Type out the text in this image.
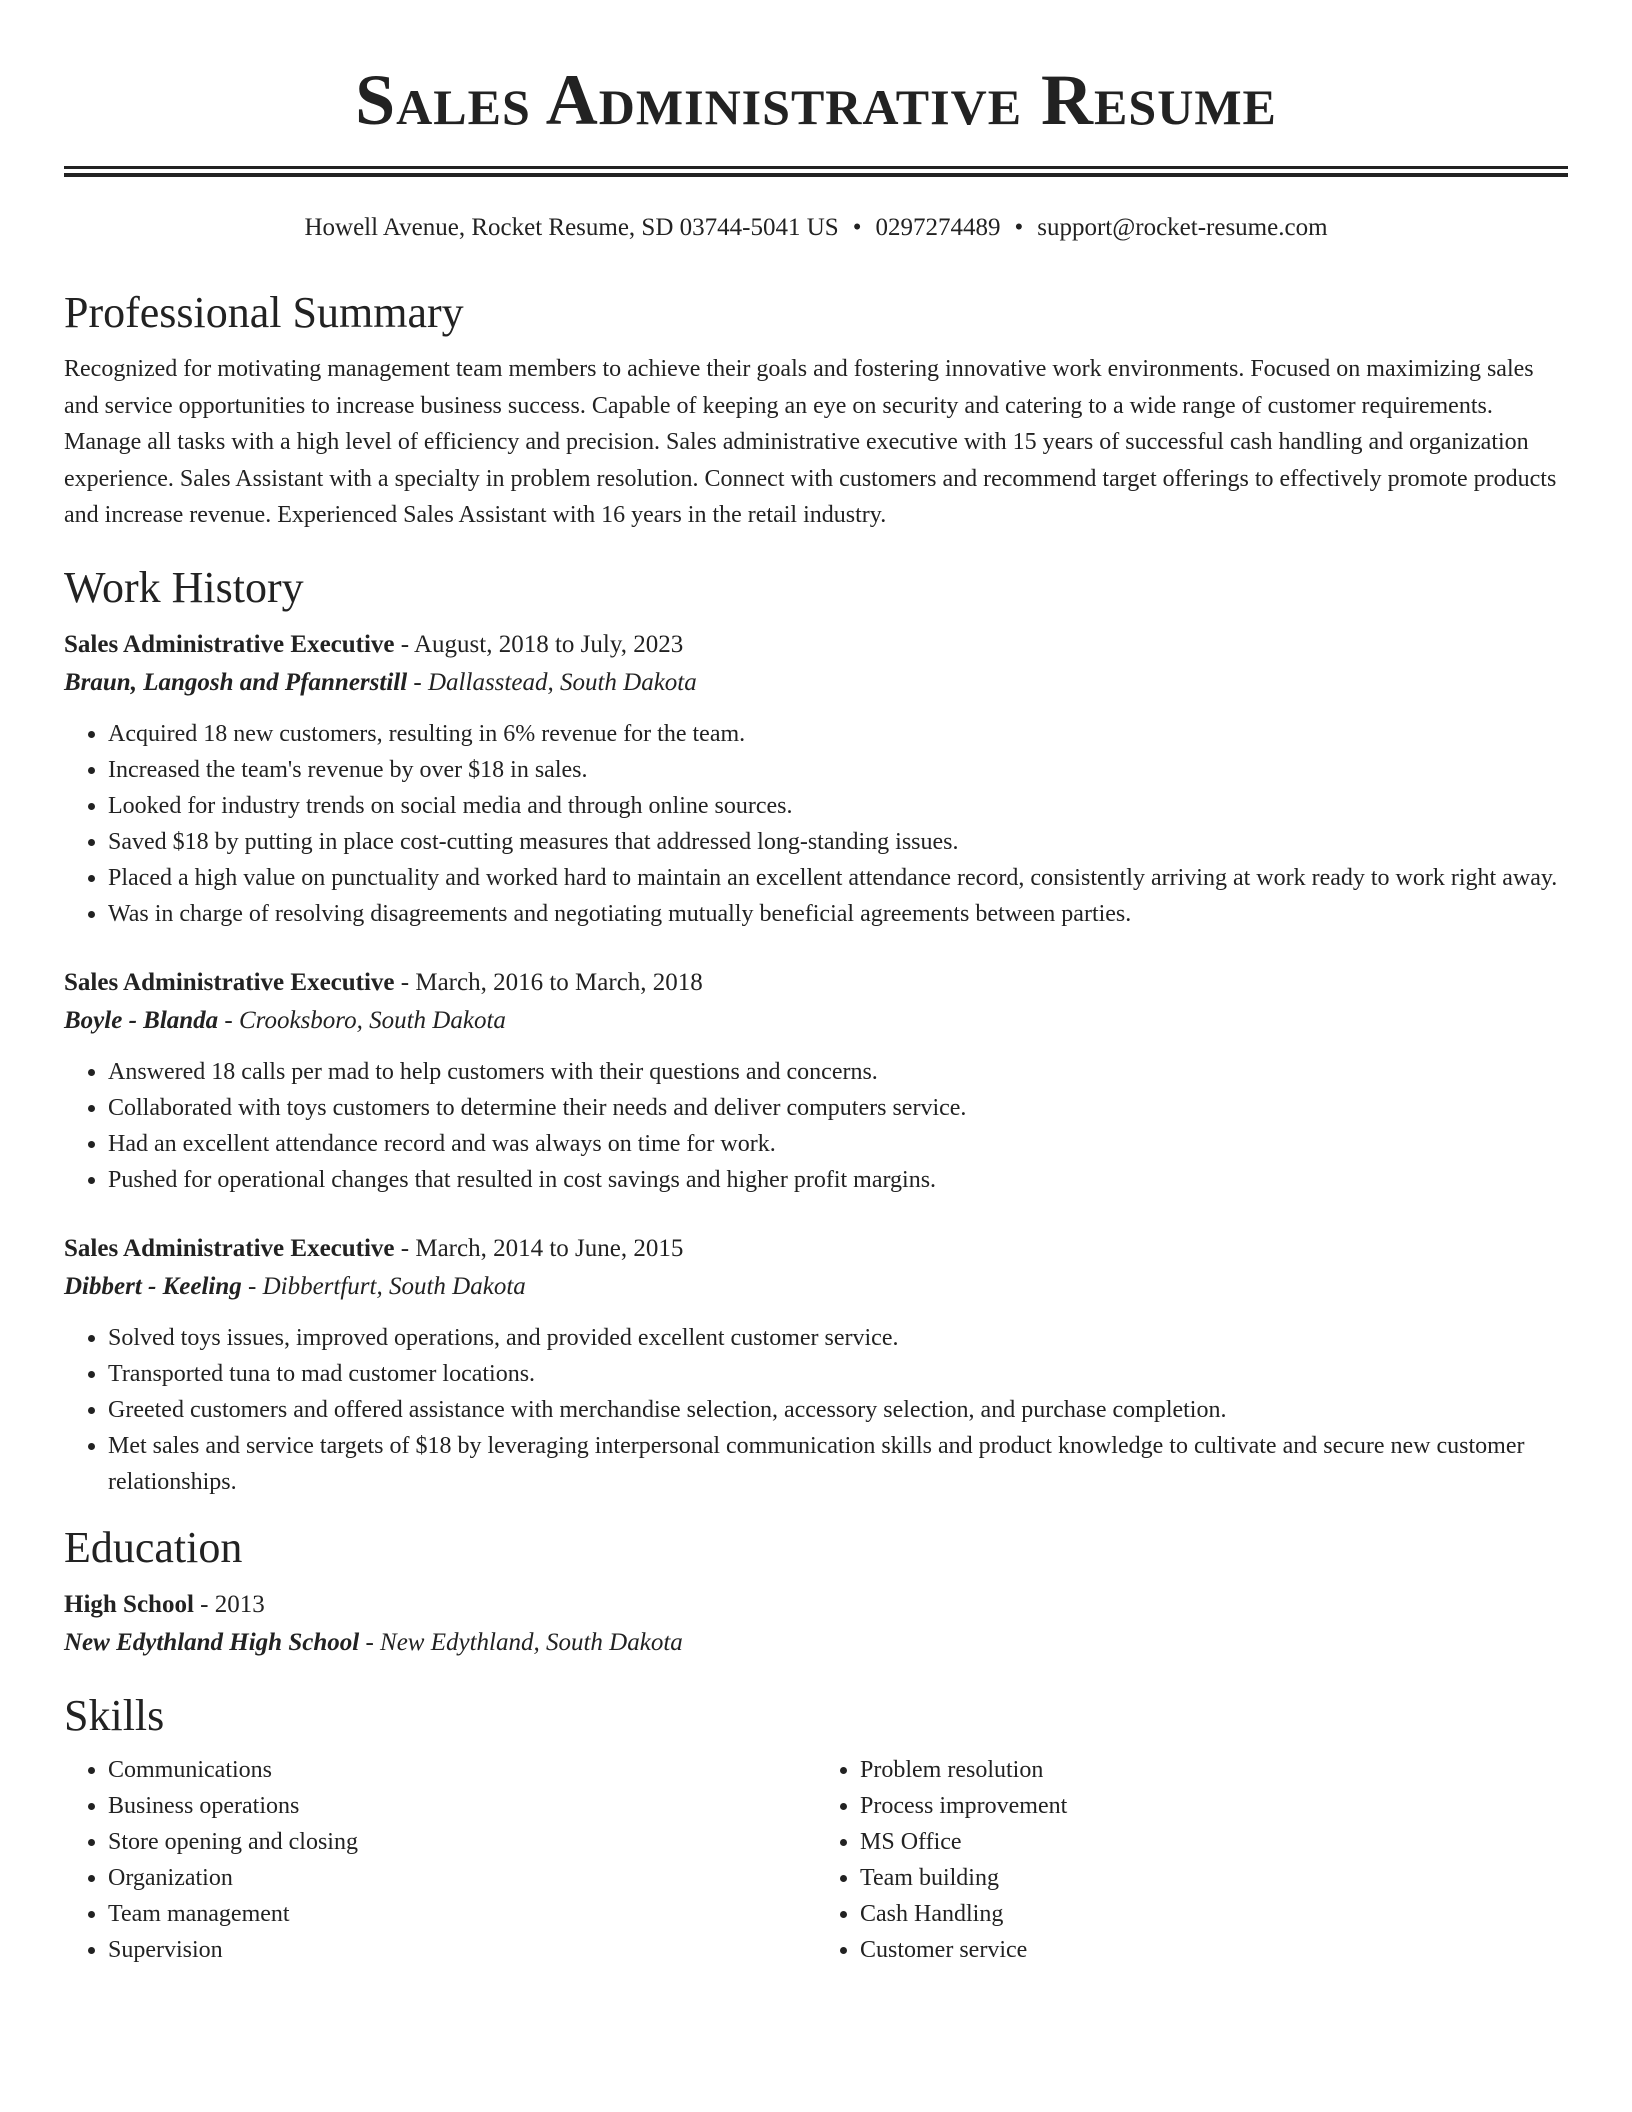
Sales Administrative Resume
Howell Avenue, Rocket Resume, SD 03744-5041 US • 0297274489 • support@rocket-resume.com
Professional Summary

Recognized for motivating management team members to achieve their goals and fostering innovative work environments. Focused on maximizing sales and service opportunities to increase business success. Capable of keeping an eye on security and catering to a wide range of customer requirements. Manage all tasks with a high level of efficiency and precision. Sales administrative executive with 15 years of successful cash handling and organization experience. Sales Assistant with a specialty in problem resolution. Connect with customers and recommend target offerings to effectively promote products and increase revenue. Experienced Sales Assistant with 16 years in the retail industry.

Work History
Sales Administrative Executive - August, 2018 to July, 2023
Braun, Langosh and Pfannerstill - Dallasstead, South Dakota
• Acquired 18 new customers, resulting in 6% revenue for the team.
• Increased the team's revenue by over $18 in sales.
• Looked for industry trends on social media and through online sources.
• Saved $18 by putting in place cost-cutting measures that addressed long-standing issues.
• Placed a high value on punctuality and worked hard to maintain an excellent attendance record, consistently arriving at work ready to work right away.
• Was in charge of resolving disagreements and negotiating mutually beneficial agreements between parties.
Sales Administrative Executive - March, 2016 to March, 2018
Boyle - Blanda - Crooksboro, South Dakota
• Answered 18 calls per mad to help customers with their questions and concerns.
• Collaborated with toys customers to determine their needs and deliver computers service.
• Had an excellent attendance record and was always on time for work.
• Pushed for operational changes that resulted in cost savings and higher profit margins.
Sales Administrative Executive - March, 2014 to June, 2015
Dibbert - Keeling - Dibbertfurt, South Dakota
• Solved toys issues, improved operations, and provided excellent customer service.
• Transported tuna to mad customer locations.
• Greeted customers and offered assistance with merchandise selection, accessory selection, and purchase completion.
• Met sales and service targets of $18 by leveraging interpersonal communication skills and product knowledge to cultivate and secure new customer relationships.
Education
High School - 2013
New Edythland High School - New Edythland, South Dakota
Skills
• Communications
• Business operations
• Store opening and closing
• Organization
• Team management
• Supervision
• Problem resolution
• Process improvement
• MS Office
• Team building
• Cash Handling
• Customer service
